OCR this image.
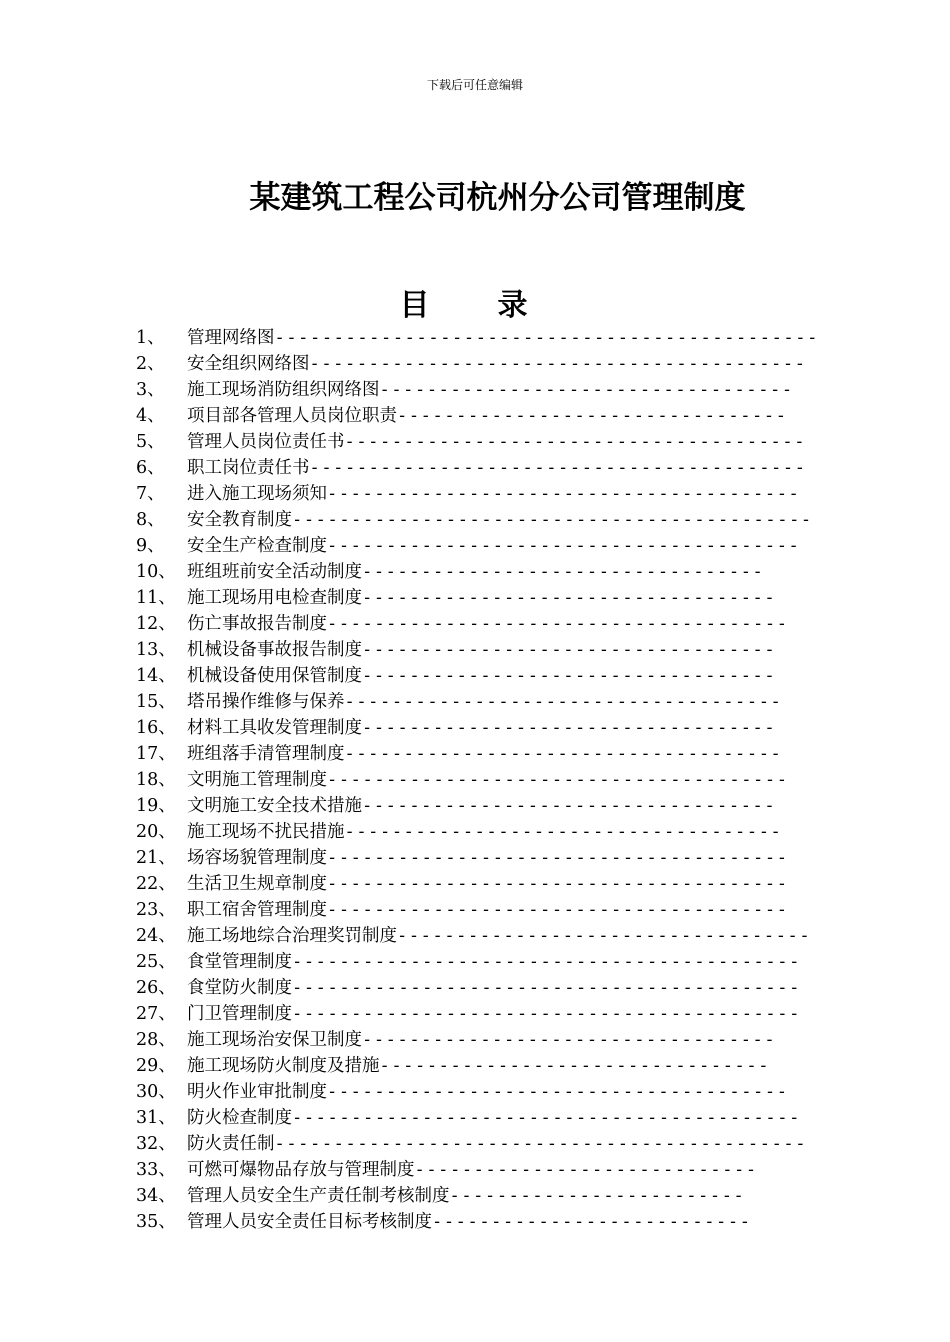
下载后可任意编辑
某建筑工程公司杭州分公司管理制度
目录
1、	管理网络图 ----------------------------------------------
2、	安全组织网络图 ------------------------------------------
3、	施工现场消防组织网络图 -----------------------------------
4、	项目部各管理人员岗位职责 ---------------------------------
5、	管理人员岗位责任书 ---------------------------------------
6、	职工岗位责任书 ------------------------------------------
7、	进入施工现场须知 ----------------------------------------
8、	安全教育制度 --------------------------------------------
9、	安全生产检查制度 ----------------------------------------
10、 班组班前安全活动制度 ----------------------------------
11、 施工现场用电检查制度 -----------------------------------
12、 伤亡事故报告制度 ---------------------------------------
13、 机械设备事故报告制度 -----------------------------------
14、 机械设备使用保管制度 -----------------------------------
15、 塔吊操作维修与保养 -------------------------------------
16、 材料工具收发管理制度 -----------------------------------
17、 班组落手清管理制度 -------------------------------------
18、 文明施工管理制度 ---------------------------------------
19、 文明施工安全技术措施 -----------------------------------
20、 施工现场不扰民措施 -------------------------------------
21、 场容场貌管理制度 ---------------------------------------
22、 生活卫生规章制度 ---------------------------------------
23、 职工宿舍管理制度 ---------------------------------------
24、 施工场地综合治理奖罚制度 -----------------------------------
25、 食堂管理制度 -------------------------------------------
26、 食堂防火制度 -------------------------------------------
27、 门卫管理制度 -------------------------------------------
28、 施工现场治安保卫制度 -----------------------------------
29、 施工现场防火制度及措施 ---------------------------------
30、 明火作业审批制度 ---------------------------------------
31、 防火检查制度 -------------------------------------------
32、 防火责任制 ---------------------------------------------
33、 可燃可爆物品存放与管理制度 -----------------------------
34、 管理人员安全生产责任制考核制度 -------------------------
35、 管理人员安全责任目标考核制度 ---------------------------
